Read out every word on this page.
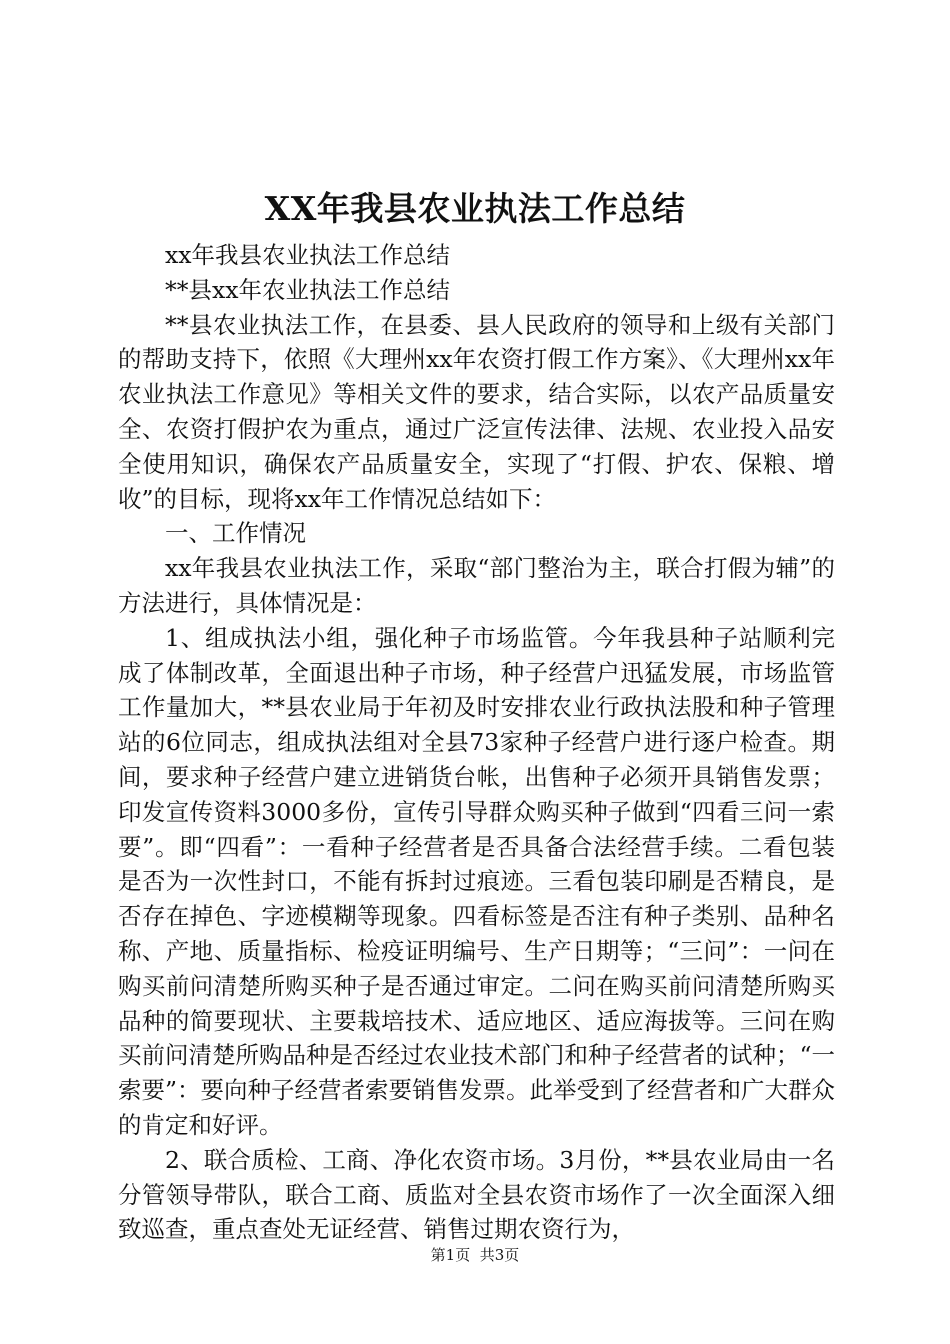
XX年我县农业执法工作总结

xx年我县农业执法工作总结

**县xx年农业执法工作总结

**县农业执法工作，在县委、县人民政府的领导和上级有关部门的帮助支持下，依照《大理州xx年农资打假工作方案》、《大理州xx年农业执法工作意见》等相关文件的要求，结合实际，以农产品质量安全、农资打假护农为重点，通过广泛宣传法律、法规、农业投入品安全使用知识，确保农产品质量安全，实现了“打假、护农、保粮、增收”的目标，现将xx年工作情况总结如下：

一、工作情况

xx年我县农业执法工作，采取“部门整治为主，联合打假为辅”的方法进行，具体情况是：

1、组成执法小组，强化种子市场监管。今年我县种子站顺利完成了体制改革，全面退出种子市场，种子经营户迅猛发展，市场监管工作量加大，**县农业局于年初及时安排农业行政执法股和种子管理站的6位同志，组成执法组对全县73家种子经营户进行逐户检查。期间，要求种子经营户建立进销货台帐，出售种子必须开具销售发票；印发宣传资料3000多份，宣传引导群众购买种子做到“四看三问一索要”。即“四看”：一看种子经营者是否具备合法经营手续。二看包装是否为一次性封口，不能有拆封过痕迹。三看包装印刷是否精良，是否存在掉色、字迹模糊等现象。四看标签是否注有种子类别、品种名称、产地、质量指标、检疫证明编号、生产日期等；“三问”：一问在购买前问清楚所购买种子是否通过审定。二问在购买前问清楚所购买品种的简要现状、主要栽培技术、适应地区、适应海拔等。三问在购买前问清楚所购品种是否经过农业技术部门和种子经营者的试种；“一索要”：要向种子经营者索要销售发票。此举受到了经营者和广大群众的肯定和好评。

2、联合质检、工商、净化农资市场。3月份，**县农业局由一名分管领导带队，联合工商、质监对全县农资市场作了一次全面深入细致巡查，重点查处无证经营、销售过期农资行为，

第1页 共3页
